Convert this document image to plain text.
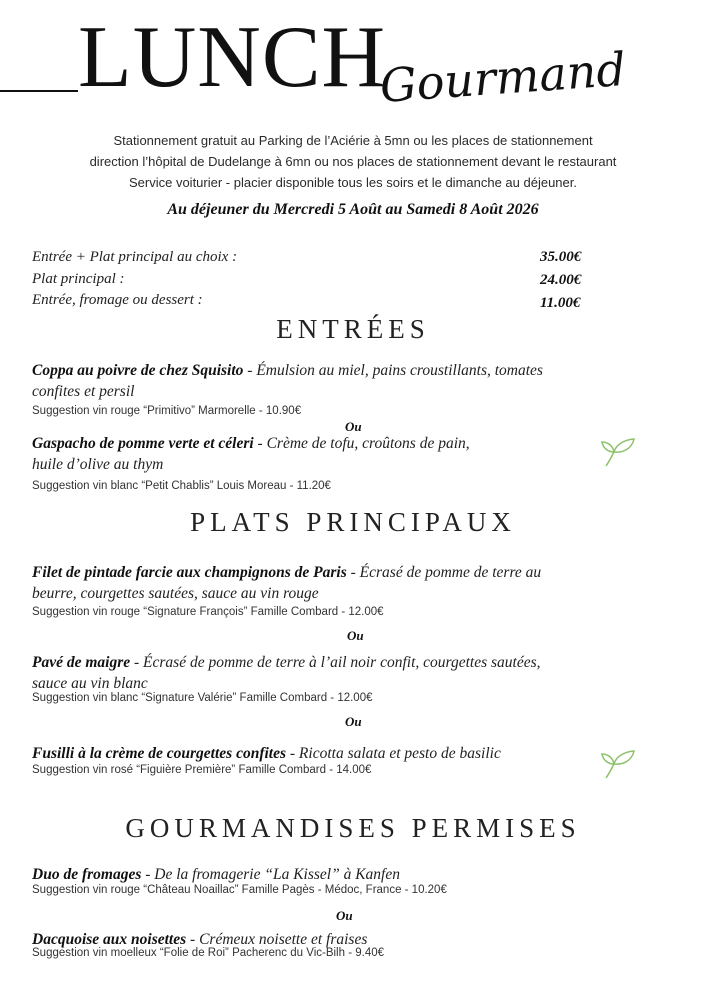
LUNCH
Gourmand
Stationnement gratuit au Parking de l’Aciérie à 5mn ou les places de stationnement
direction l’hôpital de Dudelange à 6mn ou nos places de stationnement devant le restaurant
Service voiturier - placier disponible tous les soirs et le dimanche au déjeuner.
Au déjeuner du Mercredi 5 Août au Samedi 8 Août 2026
Entrée + Plat principal au choix :	35.00€
Plat principal :	24.00€
Entrée, fromage ou dessert :	11.00€
ENTRÉES
Coppa au poivre de chez Squisito - Émulsion au miel, pains croustillants, tomates
confites et persil
Suggestion vin rouge “Primitivo” Marmorelle - 10.90€
Ou
Gaspacho de pomme verte et céleri - Crème de tofu, croûtons de pain,
huile d’olive au thym
Suggestion vin blanc “Petit Chablis” Louis Moreau - 11.20€
PLATS PRINCIPAUX
Filet de pintade farcie aux champignons de Paris - Écrasé de pomme de terre au
beurre, courgettes sautées, sauce au vin rouge
Suggestion vin rouge “Signature François” Famille Combard - 12.00€
Ou
Pavé de maigre - Écrasé de pomme de terre à l’ail noir confit, courgettes sautées,
sauce au vin blanc
Suggestion vin blanc “Signature Valérie” Famille Combard - 12.00€
Ou
Fusilli à la crème de courgettes confites - Ricotta salata et pesto de basilic
Suggestion vin rosé “Figuière Première” Famille Combard - 14.00€
GOURMANDISES PERMISES
Duo de fromages - De la fromagerie “La Kissel” à Kanfen
Suggestion vin rouge “Château Noaillac” Famille Pagès - Médoc, France - 10.20€
Ou
Dacquoise aux noisettes - Crémeux noisette et fraises
Suggestion vin moelleux “Folie de Roi” Pacherenc du Vic-Bilh - 9.40€
